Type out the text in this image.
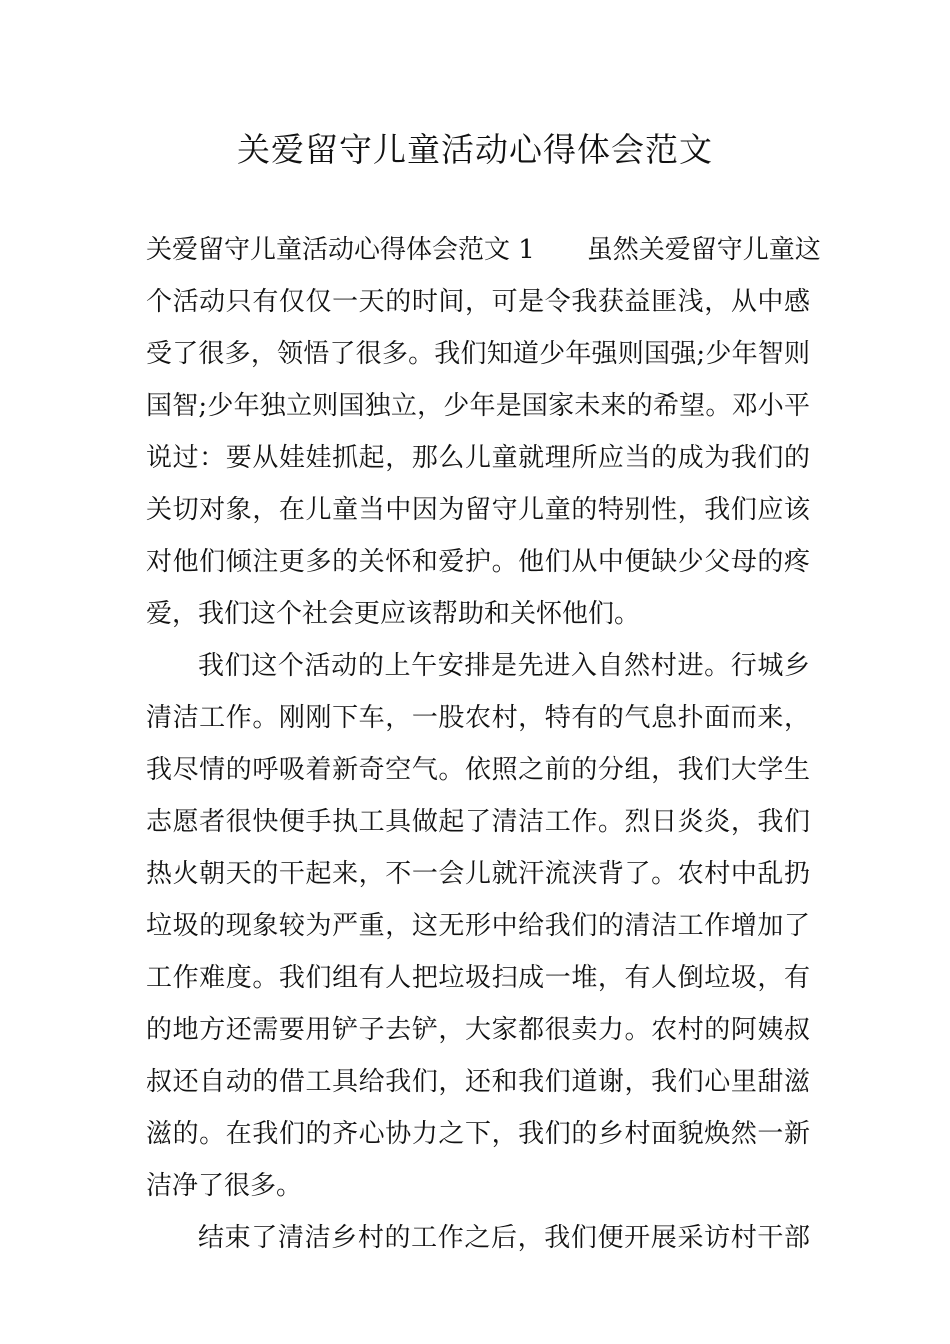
关爱留守儿童活动心得体会范文
关爱留守儿童活动心得体会范文 1　　虽然关爱留守儿童这
个活动只有仅仅一天的时间，可是令我获益匪浅，从中感
受了很多，领悟了很多。我们知道少年强则国强;少年智则
国智;少年独立则国独立，少年是国家未来的希望。邓小平
说过：要从娃娃抓起，那么儿童就理所应当的成为我们的
关切对象，在儿童当中因为留守儿童的特别性，我们应该
对他们倾注更多的关怀和爱护。他们从中便缺少父母的疼
爱，我们这个社会更应该帮助和关怀他们。
我们这个活动的上午安排是先进入自然村进。行城乡
清洁工作。刚刚下车，一股农村，特有的气息扑面而来，
我尽情的呼吸着新奇空气。依照之前的分组，我们大学生
志愿者很快便手执工具做起了清洁工作。烈日炎炎，我们
热火朝天的干起来，不一会儿就汗流浃背了。农村中乱扔
垃圾的现象较为严重，这无形中给我们的清洁工作增加了
工作难度。我们组有人把垃圾扫成一堆，有人倒垃圾，有
的地方还需要用铲子去铲，大家都很卖力。农村的阿姨叔
叔还自动的借工具给我们，还和我们道谢，我们心里甜滋
滋的。在我们的齐心协力之下，我们的乡村面貌焕然一新
洁净了很多。
结束了清洁乡村的工作之后，我们便开展采访村干部
